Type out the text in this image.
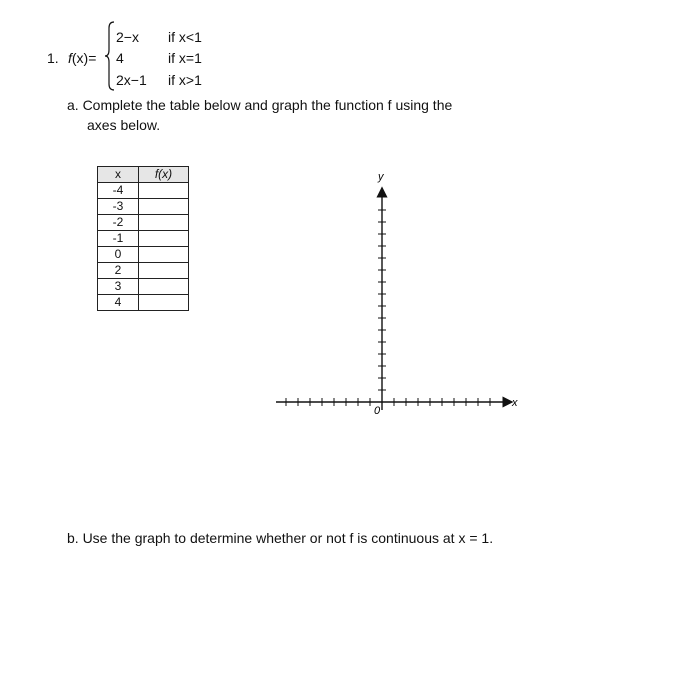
1. f(x)=
2−x if x<1
4	if x=1
2x−1 if x>1
a. Complete the table below and graph the function f using the
axes below.
x	f(x)
-4	
-3	
-2	
-1	
0	
2	
3	
4	
y
x
0
b. Use the graph to determine whether or not f is continuous at x = 1.
